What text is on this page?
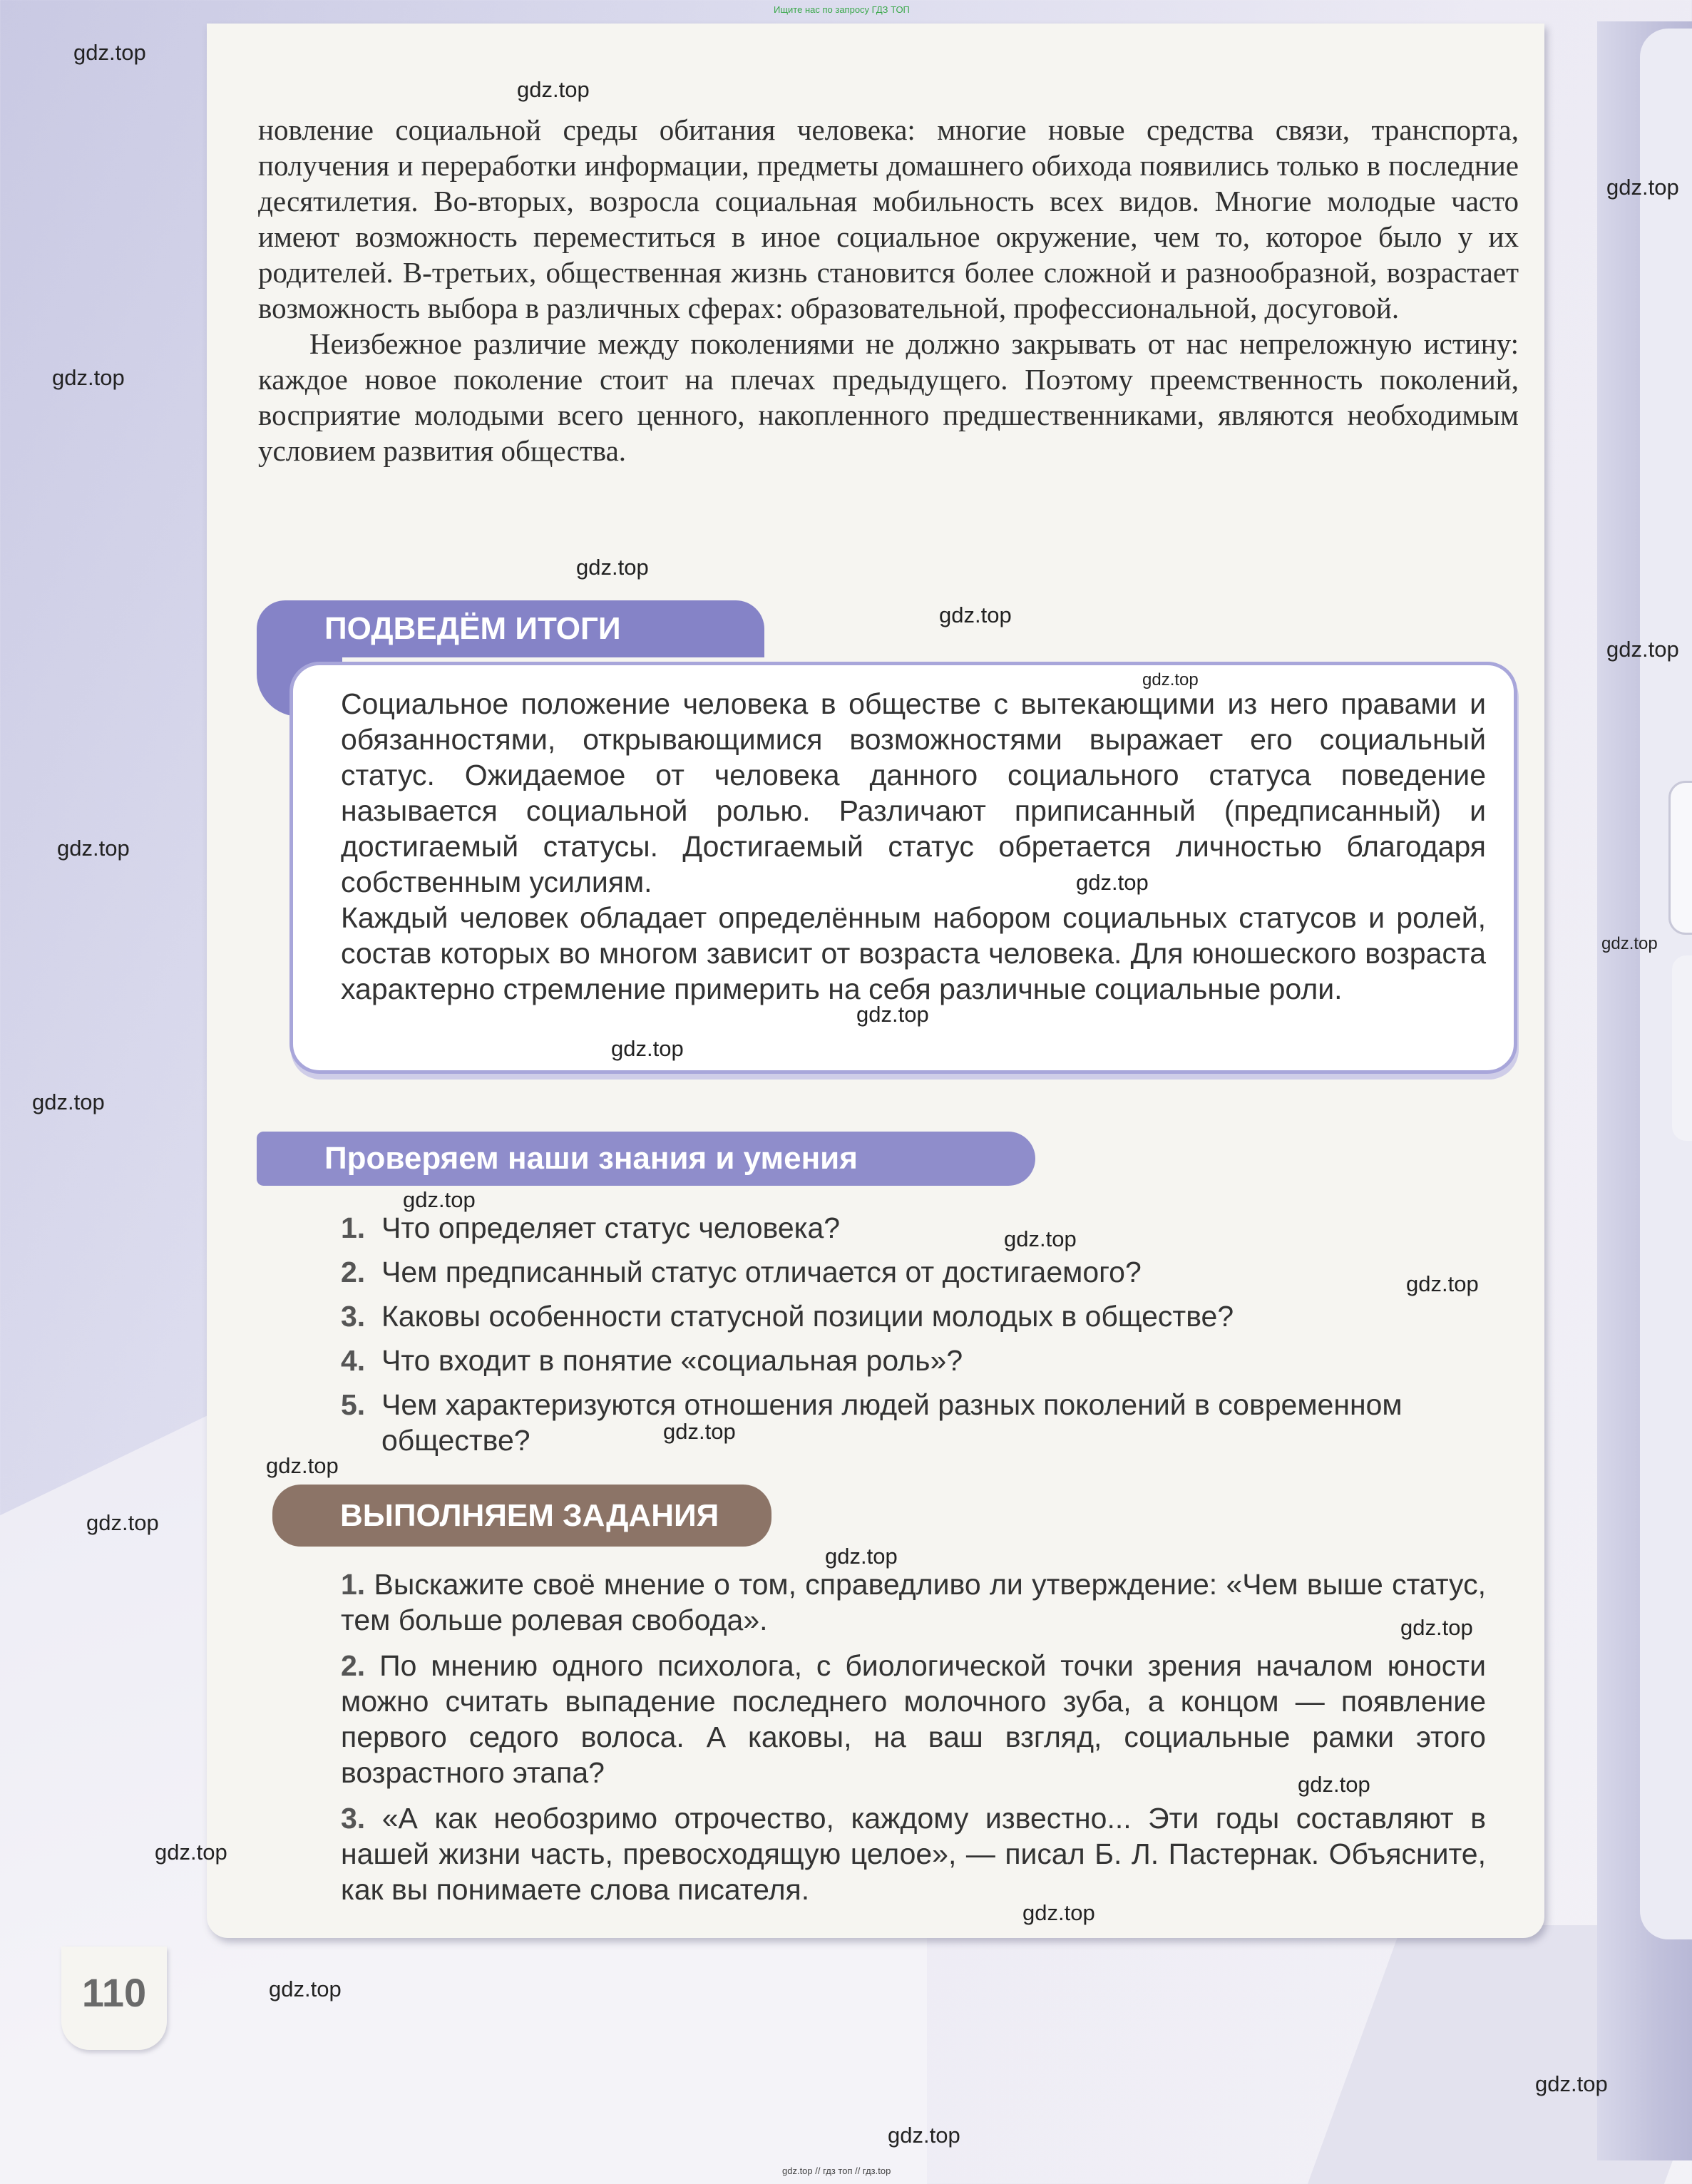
Ищите нас по запросу ГДЗ ТОП

новление социальной среды обитания человека: многие новые средства связи, транспорта, получения и переработки информации, предметы домашнего обихода появились только в последние десятилетия. Во-вторых, возросла социальная мобильность всех видов. Многие молодые часто имеют возможность переместиться в иное социальное окружение, чем то, которое было у их родителей. В-третьих, общественная жизнь становится более сложной и разнообразной, возрастает возможность выбора в различных сферах: образовательной, профессиональной, досуговой.

Неизбежное различие между поколениями не должно закрывать от нас непреложную истину: каждое новое поколение стоит на плечах предыдущего. Поэтому преемственность поколений, восприятие молодыми всего ценного, накопленного предшественниками, являются необходимым условием развития общества.

ПОДВЕДЁМ ИТОГИ

Социальное положение человека в обществе с вытекающими из него правами и обязанностями, открывающимися возможностями выражает его социальный статус. Ожидаемое от человека данного социального статуса поведение называется социальной ролью. Различают приписанный (предписанный) и достигаемый статусы. Достигаемый статус обретается личностью благодаря собственным усилиям.

Каждый человек обладает определённым набором социальных статусов и ролей, состав которых во многом зависит от возраста человека. Для юношеского возраста характерно стремление примерить на себя различные социальные роли.

Проверяем наши знания и умения
1. Что определяет статус человека?
2. Чем предписанный статус отличается от достигаемого?
3. Каковы особенности статусной позиции молодых в обществе?
4. Что входит в понятие «социальная роль»?
5. Чем характеризуются отношения людей разных поколений в современном обществе?
ВЫПОЛНЯЕМ ЗАДАНИЯ

1. Выскажите своё мнение о том, справедливо ли утверждение: «Чем выше статус, тем больше ролевая свобода».

2. По мнению одного психолога, с биологической точки зрения началом юности можно считать выпадение последнего молочного зуба, а концом — появление первого седого волоса. А каковы, на ваш взгляд, социальные рамки этого возрастного этапа?

3. «А как необозримо отрочество, каждому известно... Эти годы составляют в нашей жизни часть, превосходящую целое», — писал Б. Л. Пастернак. Объясните, как вы понимаете слова писателя.

110
gdz.top
gdz.top
gdz.top
gdz.top
gdz.top
gdz.top
gdz.top
gdz.top
gdz.top
gdz.top
gdz.top
gdz.top
gdz.top
gdz.top
gdz.top
gdz.top
gdz.top
gdz.top
gdz.top
gdz.top
gdz.top
gdz.top
gdz.top
gdz.top
gdz.top
gdz.top
gdz.top
gdz.top
gdz.top // гдз топ // гдз.top
